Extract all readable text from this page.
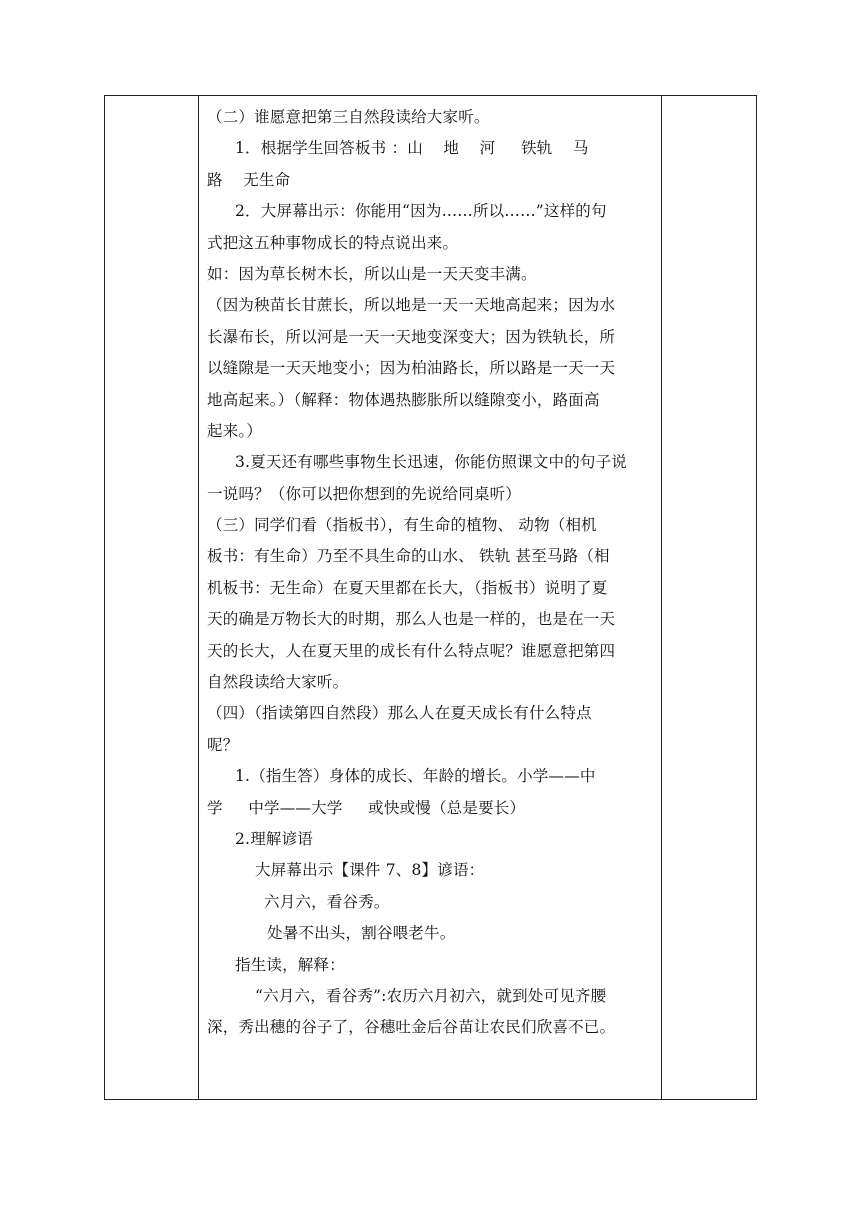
（二）谁愿意把第三自然段读给大家听。
1．根据学生回答板书 ：山    地    河     铁轨    马
路    无生命
2．大屏幕出示：你能用“因为……所以……”这样的句
式把这五种事物成长的特点说出来。
如：因为草长树木长，所以山是一天天变丰满。
（因为秧苗长甘蔗长，所以地是一天一天地高起来；因为水
长瀑布长，所以河是一天一天地变深变大；因为铁轨长，所
以缝隙是一天天地变小；因为柏油路长，所以路是一天一天
地高起来。）（解释：物体遇热膨胀所以缝隙变小，路面高
起来。）
3.夏天还有哪些事物生长迅速，你能仿照课文中的句子说
一说吗？（你可以把你想到的先说给同桌听）
（三）同学们看（指板书），有生命的植物、 动物（相机
板书：有生命）乃至不具生命的山水、 铁轨 甚至马路（相
机板书：无生命）在夏天里都在长大，（指板书）说明了夏
天的确是万物长大的时期，那么人也是一样的，也是在一天
天的长大，人在夏天里的成长有什么特点呢？谁愿意把第四
自然段读给大家听。
（四）（指读第四自然段）那么人在夏天成长有什么特点
呢？
1.（指生答）身体的成长、年龄的增长。小学——中
学     中学——大学     或快或慢（总是要长）
2.理解谚语
大屏幕出示【课件 7、8】谚语：
六月六，看谷秀。
处暑不出头，割谷喂老牛。
指生读，解释：
“六月六，看谷秀”:农历六月初六，就到处可见齐腰
深，秀出穗的谷子了，谷穗吐金后谷苗让农民们欣喜不已。
